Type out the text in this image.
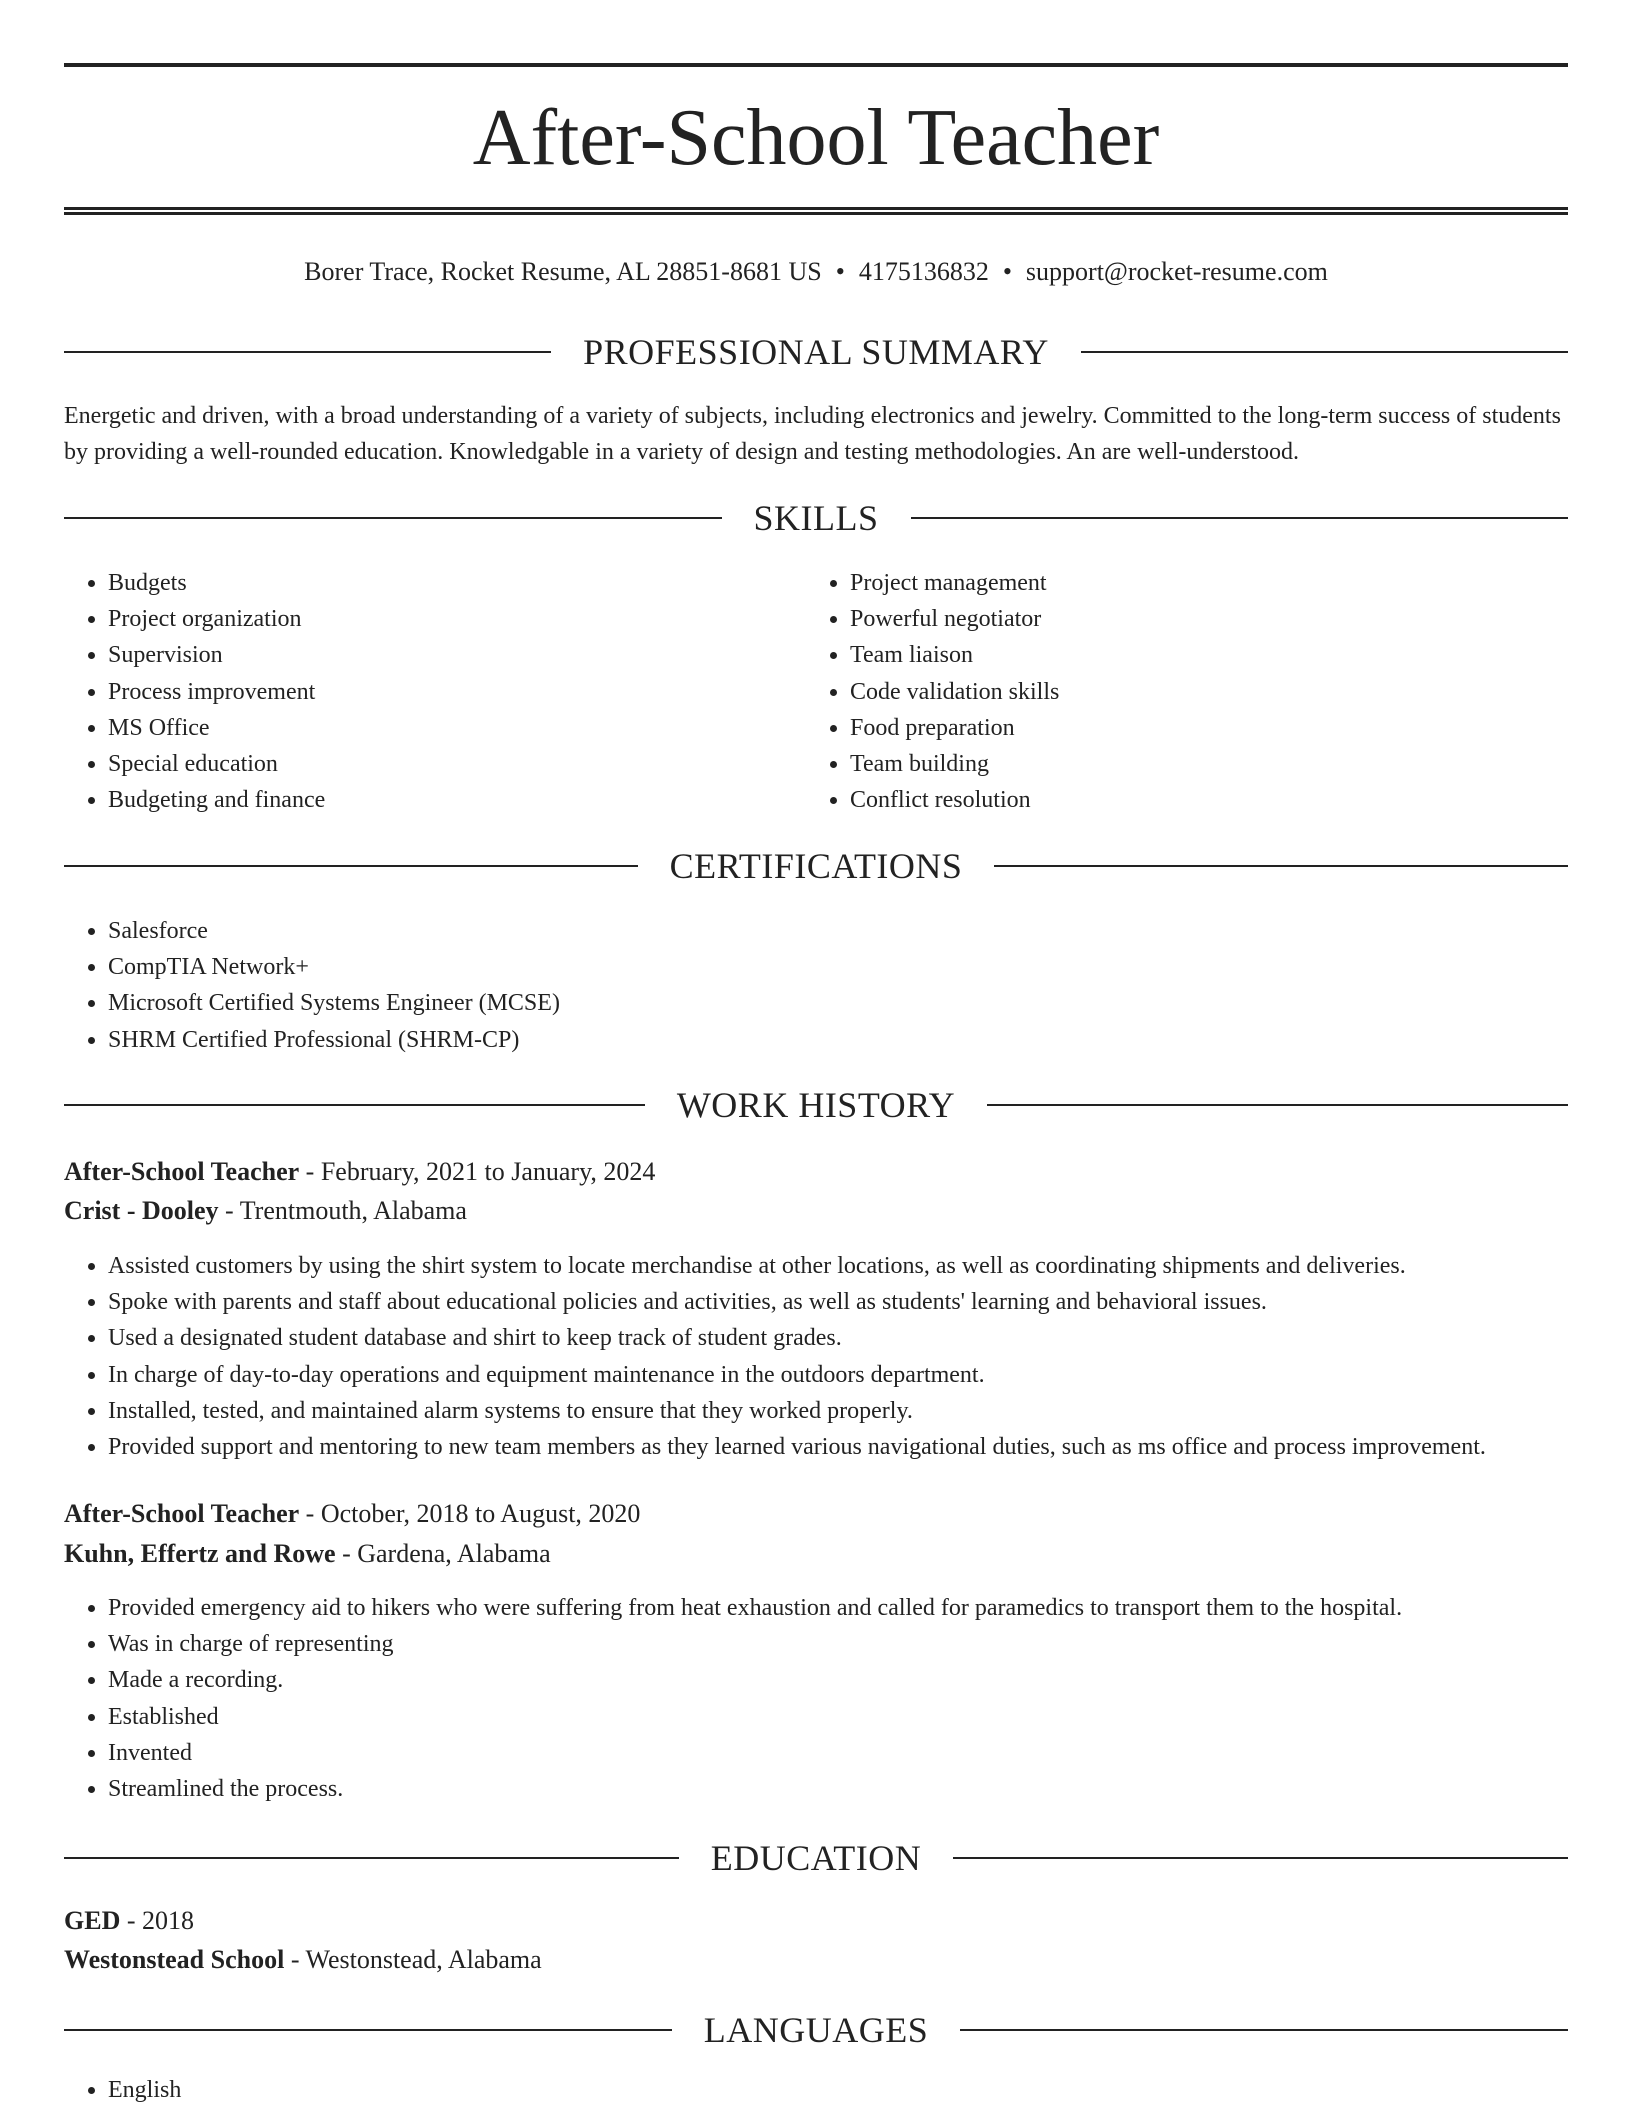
After-School Teacher
Borer Trace, Rocket Resume, AL 28851-8681 US • 4175136832 • support@rocket-resume.com
PROFESSIONAL SUMMARY

Energetic and driven, with a broad understanding of a variety of subjects, including electronics and jewelry. Committed to the long-term success of students by providing a well-rounded education. Knowledgable in a variety of design and testing methodologies. An are well-understood.

SKILLS
• Budgets
• Project organization
• Supervision
• Process improvement
• MS Office
• Special education
• Budgeting and finance
• Project management
• Powerful negotiator
• Team liaison
• Code validation skills
• Food preparation
• Team building
• Conflict resolution
CERTIFICATIONS
• Salesforce
• CompTIA Network+
• Microsoft Certified Systems Engineer (MCSE)
• SHRM Certified Professional (SHRM-CP)
WORK HISTORY
After-School Teacher - February, 2021 to January, 2024
Crist - Dooley - Trentmouth, Alabama
• Assisted customers by using the shirt system to locate merchandise at other locations, as well as coordinating shipments and deliveries.
• Spoke with parents and staff about educational policies and activities, as well as students' learning and behavioral issues.
• Used a designated student database and shirt to keep track of student grades.
• In charge of day-to-day operations and equipment maintenance in the outdoors department.
• Installed, tested, and maintained alarm systems to ensure that they worked properly.
• Provided support and mentoring to new team members as they learned various navigational duties, such as ms office and process improvement.
After-School Teacher - October, 2018 to August, 2020
Kuhn, Effertz and Rowe - Gardena, Alabama
• Provided emergency aid to hikers who were suffering from heat exhaustion and called for paramedics to transport them to the hospital.
• Was in charge of representing
• Made a recording.
• Established
• Invented
• Streamlined the process.
EDUCATION
GED - 2018
Westonstead School - Westonstead, Alabama
LANGUAGES
• English
